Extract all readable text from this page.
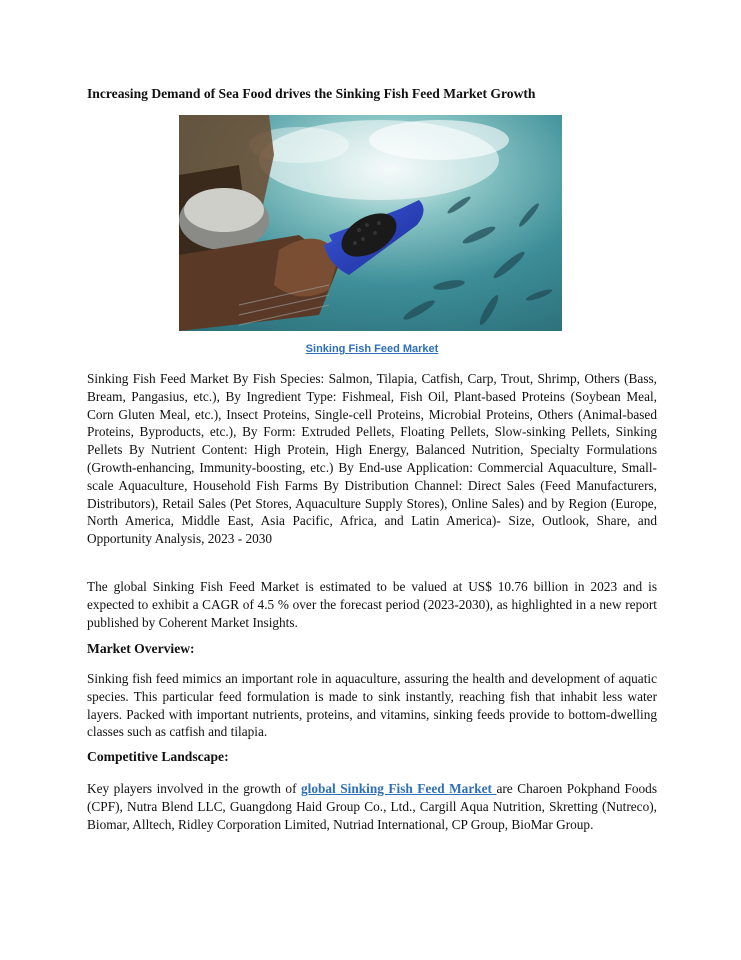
Increasing Demand of Sea Food drives the Sinking Fish Feed Market Growth
Sinking Fish Feed Market

Sinking Fish Feed Market By Fish Species: Salmon, Tilapia, Catfish, Carp, Trout, Shrimp, Others (Bass, Bream, Pangasius, etc.), By Ingredient Type: Fishmeal, Fish Oil, Plant-based Proteins (Soybean Meal, Corn Gluten Meal, etc.), Insect Proteins, Single-cell Proteins, Microbial Proteins, Others (Animal-based Proteins, Byproducts, etc.), By Form: Extruded Pellets, Floating Pellets, Slow-sinking Pellets, Sinking Pellets By Nutrient Content: High Protein, High Energy, Balanced Nutrition, Specialty Formulations (Growth-enhancing, Immunity-boosting, etc.) By End-use Application: Commercial Aquaculture, Small-scale Aquaculture, Household Fish Farms By Distribution Channel: Direct Sales (Feed Manufacturers, Distributors), Retail Sales (Pet Stores, Aquaculture Supply Stores), Online Sales) and by Region (Europe, North America, Middle East, Asia Pacific, Africa, and Latin America)- Size, Outlook, Share, and Opportunity Analysis, 2023 - 2030

The global Sinking Fish Feed Market is estimated to be valued at US$ 10.76 billion in 2023 and is expected to exhibit a CAGR of 4.5 % over the forecast period (2023-2030), as highlighted in a new report published by Coherent Market Insights.

Market Overview:

Sinking fish feed mimics an important role in aquaculture, assuring the health and development of aquatic species. This particular feed formulation is made to sink instantly, reaching fish that inhabit less water layers. Packed with important nutrients, proteins, and vitamins, sinking feeds provide to bottom-dwelling classes such as catfish and tilapia.

Competitive Landscape:

Key players involved in the growth of global Sinking Fish Feed Market are Charoen Pokphand Foods (CPF), Nutra Blend LLC, Guangdong Haid Group Co., Ltd., Cargill Aqua Nutrition, Skretting (Nutreco), Biomar, Alltech, Ridley Corporation Limited, Nutriad International, CP Group, BioMar Group.
